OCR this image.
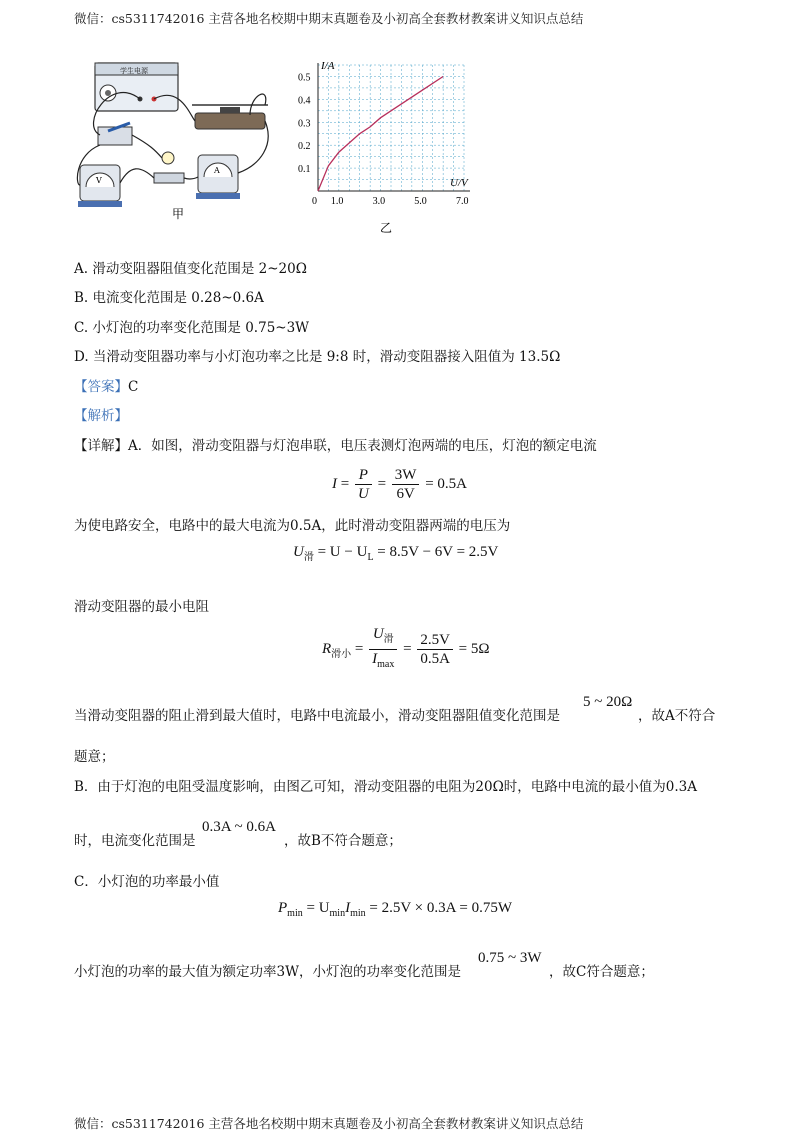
微信：cs5311742016 主营各地名校期中期末真题卷及小初高全套教材教案讲义知识点总结
学生电源
V
A
甲
0 1.0	3.0	5.0	7.0
0.1
0.2
0.3
0.4
0.5
I/A
U/V
乙
A. 滑动变阻器阻值变化范围是 2~20Ω
B. 电流变化范围是 0.28~0.6A
C. 小灯泡的功率变化范围是 0.75~3W
D. 当滑动变阻器功率与小灯泡功率之比是 9:8 时，滑动变阻器接入阻值为 13.5Ω
【答案】C
【解析】
【详解】A．如图，滑动变阻器与灯泡串联，电压表测灯泡两端的电压，灯泡的额定电流
$I = \frac{P}{U} = \frac{3W}{6V} = 0.5A$
为使电路安全，电路中的最大电流为0.5A，此时滑动变阻器两端的电压为
$U_滑 = U - U_L = 8.5V - 6V = 2.5V$
滑动变阻器的最小电阻
$R_{滑小} = \frac{U_滑}{I_{max}} = \frac{2.5V}{0.5A} = 5\Omega$
当滑动变阻器的阻止滑到最大值时，电路中电流最小，滑动变阻器阻值变化范围是
5 ~ 20Ω
，故A不符合
题意；
B．由于灯泡的电阻受温度影响，由图乙可知，滑动变阻器的电阻为20Ω时，电路中电流的最小值为0.3A
时，电流变化范围是
0.3A ~ 0.6A
，故B不符合题意；
C．小灯泡的功率最小值
$P_{min} = U_{min}I_{min} = 2.5V \times 0.3A = 0.75W$
小灯泡的功率的最大值为额定功率3W，小灯泡的功率变化范围是
0.75 ~ 3W
，故C符合题意；
微信：cs5311742016 主营各地名校期中期末真题卷及小初高全套教材教案讲义知识点总结
